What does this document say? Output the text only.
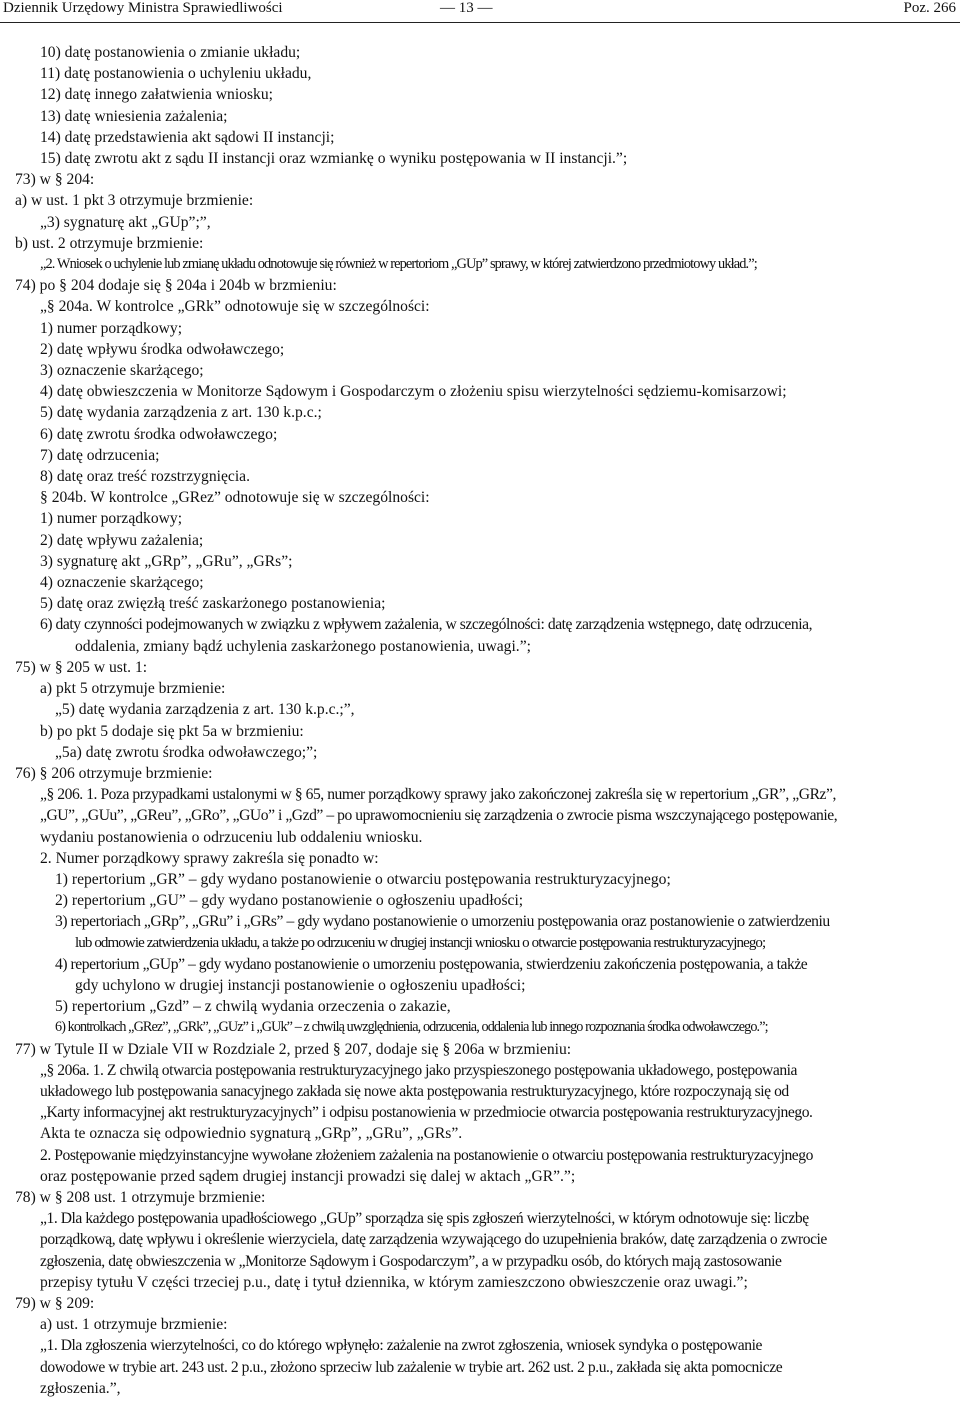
Dziennik Urzędowy Ministra Sprawiedliwości	— 13 —	Poz. 266
10) datę postanowienia o zmianie układu;
11) datę postanowienia o uchyleniu układu,
12) datę innego załatwienia wniosku;
13) datę wniesienia zażalenia;
14) datę przedstawienia akt sądowi II instancji;
15) datę zwrotu akt z sądu II instancji oraz wzmiankę o wyniku postępowania w II instancji.”;
73) w § 204:
a) w ust. 1 pkt 3 otrzymuje brzmienie:
„3) sygnaturę akt „GUp”;”,
b) ust. 2 otrzymuje brzmienie:
„2. Wniosek o uchylenie lub zmianę układu odnotowuje się również w repertoriom „GUp” sprawy, w której zatwierdzono przedmiotowy układ.”;
74) po § 204 dodaje się § 204a i 204b w brzmieniu:
„§ 204a. W kontrolce „GRk” odnotowuje się w szczególności:
1) numer porządkowy;
2) datę wpływu środka odwoławczego;
3) oznaczenie skarżącego;
4) datę obwieszczenia w Monitorze Sądowym i Gospodarczym o złożeniu spisu wierzytelności sędziemu-komisarzowi;
5) datę wydania zarządzenia z art. 130 k.p.c.;
6) datę zwrotu środka odwoławczego;
7) datę odrzucenia;
8) datę oraz treść rozstrzygnięcia.
§ 204b. W kontrolce „GRez” odnotowuje się w szczególności:
1) numer porządkowy;
2) datę wpływu zażalenia;
3) sygnaturę akt „GRp”, „GRu”, „GRs”;
4) oznaczenie skarżącego;
5) datę oraz zwięzłą treść zaskarżonego postanowienia;
6) daty czynności podejmowanych w związku z wpływem zażalenia, w szczególności: datę zarządzenia wstępnego, datę odrzucenia,
oddalenia, zmiany bądź uchylenia zaskarżonego postanowienia, uwagi.”;
75) w § 205 w ust. 1:
a) pkt 5 otrzymuje brzmienie:
„5) datę wydania zarządzenia z art. 130 k.p.c.;”,
b) po pkt 5 dodaje się pkt 5a w brzmieniu:
„5a) datę zwrotu środka odwoławczego;”;
76) § 206 otrzymuje brzmienie:
„§ 206. 1. Poza przypadkami ustalonymi w § 65, numer porządkowy sprawy jako zakończonej zakreśla się w repertorium „GR”, „GRz”,
„GU”, „GUu”, „GReu”, „GRo”, „GUo” i „Gzd” – po uprawomocnieniu się zarządzenia o zwrocie pisma wszczynającego postępowanie,
wydaniu postanowienia o odrzuceniu lub oddaleniu wniosku.
2. Numer porządkowy sprawy zakreśla się ponadto w:
1) repertorium „GR” – gdy wydano postanowienie o otwarciu postępowania restrukturyzacyjnego;
2) repertorium „GU” – gdy wydano postanowienie o ogłoszeniu upadłości;
3) repertoriach „GRp”, „GRu” i „GRs” – gdy wydano postanowienie o umorzeniu postępowania oraz postanowienie o zatwierdzeniu
lub odmowie zatwierdzenia układu, a także po odrzuceniu w drugiej instancji wniosku o otwarcie postępowania restrukturyzacyjnego;
4) repertorium „GUp” – gdy wydano postanowienie o umorzeniu postępowania, stwierdzeniu zakończenia postępowania, a także
gdy uchylono w drugiej instancji postanowienie o ogłoszeniu upadłości;
5) repertorium „Gzd” – z chwilą wydania orzeczenia o zakazie,
6) kontrolkach „GRez”, „GRk”, „GUz” i „GUk” – z chwilą uwzględnienia, odrzucenia, oddalenia lub innego rozpoznania środka odwoławczego.”;
77) w Tytule II w Dziale VII w Rozdziale 2, przed § 207, dodaje się § 206a w brzmieniu:
„§ 206a. 1. Z chwilą otwarcia postępowania restrukturyzacyjnego jako przyspieszonego postępowania układowego, postępowania
układowego lub postępowania sanacyjnego zakłada się nowe akta postępowania restrukturyzacyjnego, które rozpoczynają się od
„Karty informacyjnej akt restrukturyzacyjnych” i odpisu postanowienia w przedmiocie otwarcia postępowania restrukturyzacyjnego.
Akta te oznacza się odpowiednio sygnaturą „GRp”, „GRu”, „GRs”.
2. Postępowanie międzyinstancyjne wywołane złożeniem zażalenia na postanowienie o otwarciu postępowania restrukturyzacyjnego
oraz postępowanie przed sądem drugiej instancji prowadzi się dalej w aktach „GR”.”;
78) w § 208 ust. 1 otrzymuje brzmienie:
„1. Dla każdego postępowania upadłościowego „GUp” sporządza się spis zgłoszeń wierzytelności, w którym odnotowuje się: liczbę
porządkową, datę wpływu i określenie wierzyciela, datę zarządzenia wzywającego do uzupełnienia braków, datę zarządzenia o zwrocie
zgłoszenia, datę obwieszczenia w „Monitorze Sądowym i Gospodarczym”, a w przypadku osób, do których mają zastosowanie
przepisy tytułu V części trzeciej p.u., datę i tytuł dziennika, w którym zamieszczono obwieszczenie oraz uwagi.”;
79) w § 209:
a) ust. 1 otrzymuje brzmienie:
„1. Dla zgłoszenia wierzytelności, co do którego wpłynęło: zażalenie na zwrot zgłoszenia, wniosek syndyka o postępowanie
dowodowe w trybie art. 243 ust. 2 p.u., złożono sprzeciw lub zażalenie w trybie art. 262 ust. 2 p.u., zakłada się akta pomocnicze
zgłoszenia.”,
